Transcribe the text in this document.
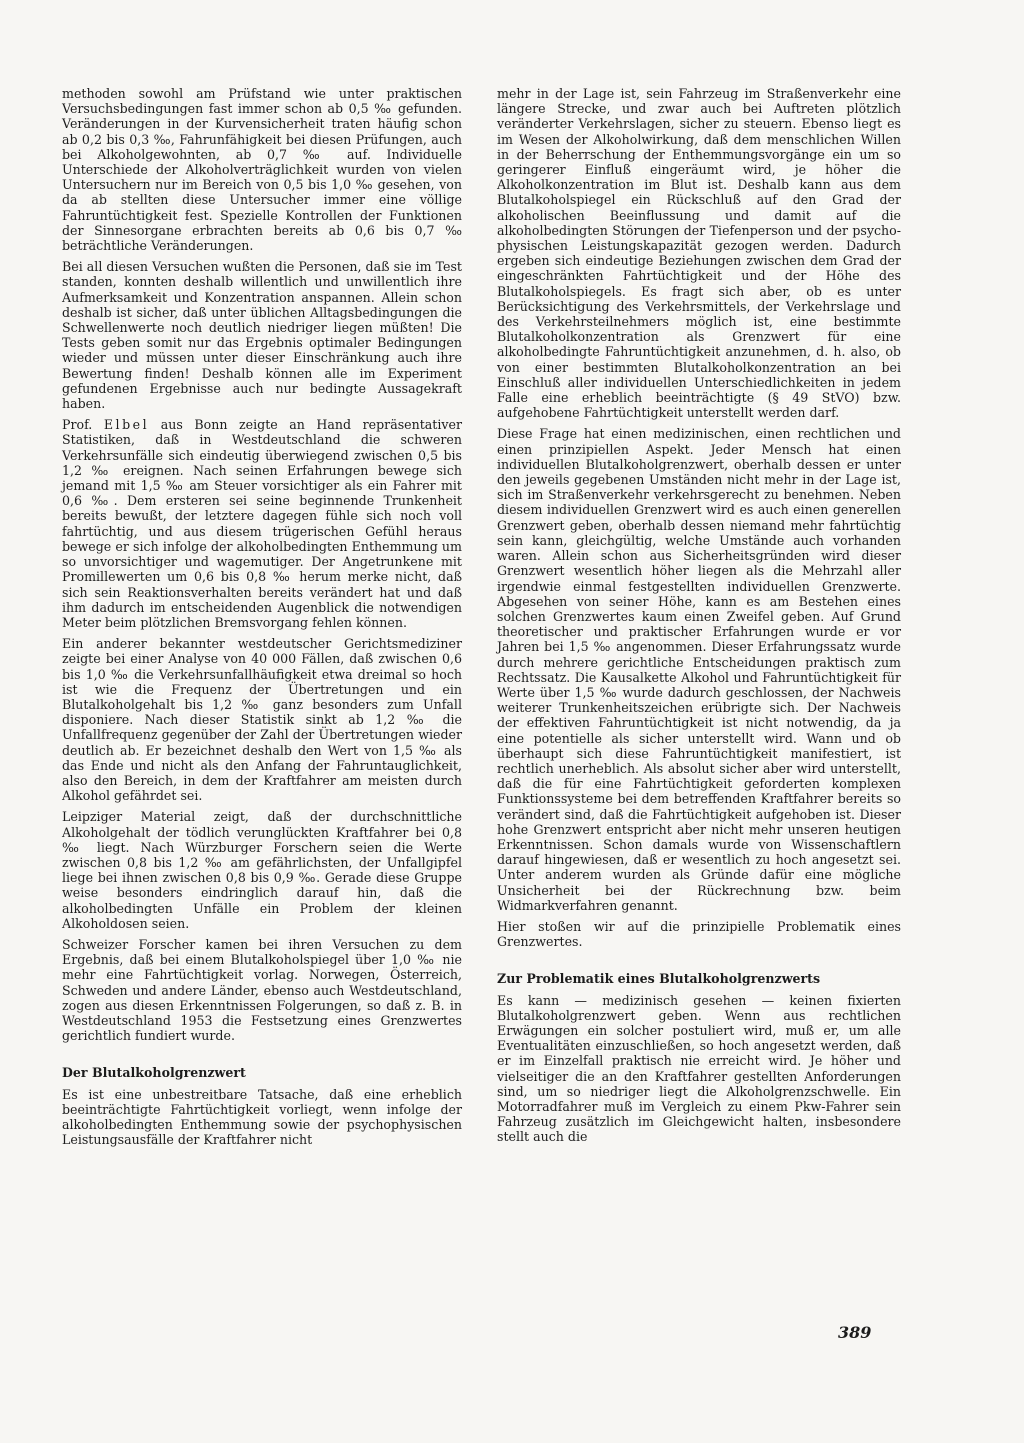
methoden sowohl am Prüfstand wie unter praktischen Versuchsbedingungen fast immer schon ab 0,5 ‰ gefunden. Veränderungen in der Kurvensicherheit traten häufig schon ab 0,2 bis 0,3 ‰, Fahrunfähigkeit bei diesen Prüfungen, auch bei Alkoholgewohnten, ab 0,7 ‰ auf. Individuelle Unterschiede der Alkoholverträglichkeit wurden von vielen Untersuchern nur im Bereich von 0,5 bis 1,0 ‰ gesehen, von da ab stellten diese Untersucher immer eine völlige Fahruntüchtigkeit fest. Spezielle Kontrollen der Funktionen der Sinnesorgane erbrachten bereits ab 0,6 bis 0,7 ‰ beträchtliche Veränderungen.

Bei all diesen Versuchen wußten die Personen, daß sie im Test standen, konnten deshalb willentlich und unwillentlich ihre Aufmerksamkeit und Konzentration anspannen. Allein schon deshalb ist sicher, daß unter üblichen Alltagsbedingungen die Schwellenwerte noch deutlich niedriger liegen müßten! Die Tests geben somit nur das Ergebnis optimaler Bedingungen wieder und müssen unter dieser Einschränkung auch ihre Bewertung finden! Deshalb können alle im Experiment gefundenen Ergebnisse auch nur bedingte Aussagekraft haben.

Prof. Elbel aus Bonn zeigte an Hand repräsentativer Statistiken, daß in Westdeutschland die schweren Verkehrsunfälle sich eindeutig überwiegend zwischen 0,5 bis 1,2 ‰ ereignen. Nach seinen Erfahrungen bewege sich jemand mit 1,5 ‰ am Steuer vorsichtiger als ein Fahrer mit 0,6 ‰. Dem ersteren sei seine beginnende Trunkenheit bereits bewußt, der letztere dagegen fühle sich noch voll fahrtüchtig, und aus diesem trügerischen Gefühl heraus bewege er sich infolge der alkoholbedingten Enthemmung um so unvorsichtiger und wagemutiger. Der Angetrunkene mit Promillewerten um 0,6 bis 0,8 ‰ herum merke nicht, daß sich sein Reaktionsverhalten bereits verändert hat und daß ihm dadurch im entscheidenden Augenblick die notwendigen Meter beim plötzlichen Bremsvorgang fehlen können.

Ein anderer bekannter westdeutscher Gerichtsmediziner zeigte bei einer Analyse von 40 000 Fällen, daß zwischen 0,6 bis 1,0 ‰ die Verkehrsunfallhäufigkeit etwa dreimal so hoch ist wie die Frequenz der Übertretungen und ein Blutalkoholgehalt bis 1,2 ‰ ganz besonders zum Unfall disponiere. Nach dieser Statistik sinkt ab 1,2 ‰ die Unfallfrequenz gegenüber der Zahl der Übertretungen wieder deutlich ab. Er bezeichnet deshalb den Wert von 1,5 ‰ als das Ende und nicht als den Anfang der Fahruntauglichkeit, also den Bereich, in dem der Kraftfahrer am meisten durch Alkohol gefährdet sei.

Leipziger Material zeigt, daß der durchschnittliche Alkoholgehalt der tödlich verunglückten Kraftfahrer bei 0,8 ‰ liegt. Nach Würzburger Forschern seien die Werte zwischen 0,8 bis 1,2 ‰ am gefährlichsten, der Unfallgipfel liege bei ihnen zwischen 0,8 bis 0,9 ‰. Gerade diese Gruppe weise besonders eindringlich darauf hin, daß die alkoholbedingten Unfälle ein Problem der kleinen Alkoholdosen seien.

Schweizer Forscher kamen bei ihren Versuchen zu dem Ergebnis, daß bei einem Blutalkoholspiegel über 1,0 ‰ nie mehr eine Fahrtüchtigkeit vorlag. Norwegen, Österreich, Schweden und andere Länder, ebenso auch Westdeutschland, zogen aus diesen Erkenntnissen Folgerungen, so daß z. B. in Westdeutschland 1953 die Festsetzung eines Grenzwertes gerichtlich fundiert wurde.

Der Blutalkoholgrenzwert

Es ist eine unbestreitbare Tatsache, daß eine erheblich beeinträchtigte Fahrtüchtigkeit vorliegt, wenn infolge der alkoholbedingten Enthemmung sowie der psychophysischen Leistungsausfälle der Kraftfahrer nicht

mehr in der Lage ist, sein Fahrzeug im Straßenverkehr eine längere Strecke, und zwar auch bei Auftreten plötzlich veränderter Verkehrslagen, sicher zu steuern. Ebenso liegt es im Wesen der Alkoholwirkung, daß dem menschlichen Willen in der Beherrschung der Enthemmungsvorgänge ein um so geringerer Einfluß eingeräumt wird, je höher die Alkoholkonzentration im Blut ist. Deshalb kann aus dem Blutalkoholspiegel ein Rückschluß auf den Grad der alkoholischen Beeinflussung und damit auf die alkoholbedingten Störungen der Tiefenperson und der psycho-physischen Leistungskapazität gezogen werden. Dadurch ergeben sich eindeutige Beziehungen zwischen dem Grad der eingeschränkten Fahrtüchtigkeit und der Höhe des Blutalkoholspiegels. Es fragt sich aber, ob es unter Berücksichtigung des Verkehrsmittels, der Verkehrslage und des Verkehrsteilnehmers möglich ist, eine bestimmte Blutalkoholkonzentration als Grenzwert für eine alkoholbedingte Fahruntüchtigkeit anzunehmen, d. h. also, ob von einer bestimmten Blutalkoholkonzentration an bei Einschluß aller individuellen Unterschiedlichkeiten in jedem Falle eine erheblich beeinträchtigte (§ 49 StVO) bzw. aufgehobene Fahrtüchtigkeit unterstellt werden darf.

Diese Frage hat einen medizinischen, einen rechtlichen und einen prinzipiellen Aspekt. Jeder Mensch hat einen individuellen Blutalkoholgrenzwert, oberhalb dessen er unter den jeweils gegebenen Umständen nicht mehr in der Lage ist, sich im Straßenverkehr verkehrsgerecht zu benehmen. Neben diesem individuellen Grenzwert wird es auch einen generellen Grenzwert geben, oberhalb dessen niemand mehr fahrtüchtig sein kann, gleichgültig, welche Umstände auch vorhanden waren. Allein schon aus Sicherheitsgründen wird dieser Grenzwert wesentlich höher liegen als die Mehrzahl aller irgendwie einmal festgestellten individuellen Grenzwerte. Abgesehen von seiner Höhe, kann es am Bestehen eines solchen Grenzwertes kaum einen Zweifel geben. Auf Grund theoretischer und praktischer Erfahrungen wurde er vor Jahren bei 1,5 ‰ angenommen. Dieser Erfahrungssatz wurde durch mehrere gerichtliche Entscheidungen praktisch zum Rechtssatz. Die Kausalkette Alkohol und Fahruntüchtigkeit für Werte über 1,5 ‰ wurde dadurch geschlossen, der Nachweis weiterer Trunkenheitszeichen erübrigte sich. Der Nachweis der effektiven Fahruntüchtigkeit ist nicht notwendig, da ja eine potentielle als sicher unterstellt wird. Wann und ob überhaupt sich diese Fahruntüchtigkeit manifestiert, ist rechtlich unerheblich. Als absolut sicher aber wird unterstellt, daß die für eine Fahrtüchtigkeit geforderten komplexen Funktionssysteme bei dem betreffenden Kraftfahrer bereits so verändert sind, daß die Fahrtüchtigkeit aufgehoben ist. Dieser hohe Grenzwert entspricht aber nicht mehr unseren heutigen Erkenntnissen. Schon damals wurde von Wissenschaftlern darauf hingewiesen, daß er wesentlich zu hoch angesetzt sei. Unter anderem wurden als Gründe dafür eine mögliche Unsicherheit bei der Rückrechnung bzw. beim Widmarkverfahren genannt.

Hier stoßen wir auf die prinzipielle Problematik eines Grenzwertes.

Zur Problematik eines Blutalkoholgrenzwerts

Es kann — medizinisch gesehen — keinen fixierten Blutalkoholgrenzwert geben. Wenn aus rechtlichen Erwägungen ein solcher postuliert wird, muß er, um alle Eventualitäten einzuschließen, so hoch angesetzt werden, daß er im Einzelfall praktisch nie erreicht wird. Je höher und vielseitiger die an den Kraftfahrer gestellten Anforderungen sind, um so niedriger liegt die Alkoholgrenzschwelle. Ein Motorradfahrer muß im Vergleich zu einem Pkw-Fahrer sein Fahrzeug zusätzlich im Gleichgewicht halten, insbesondere stellt auch die

389
